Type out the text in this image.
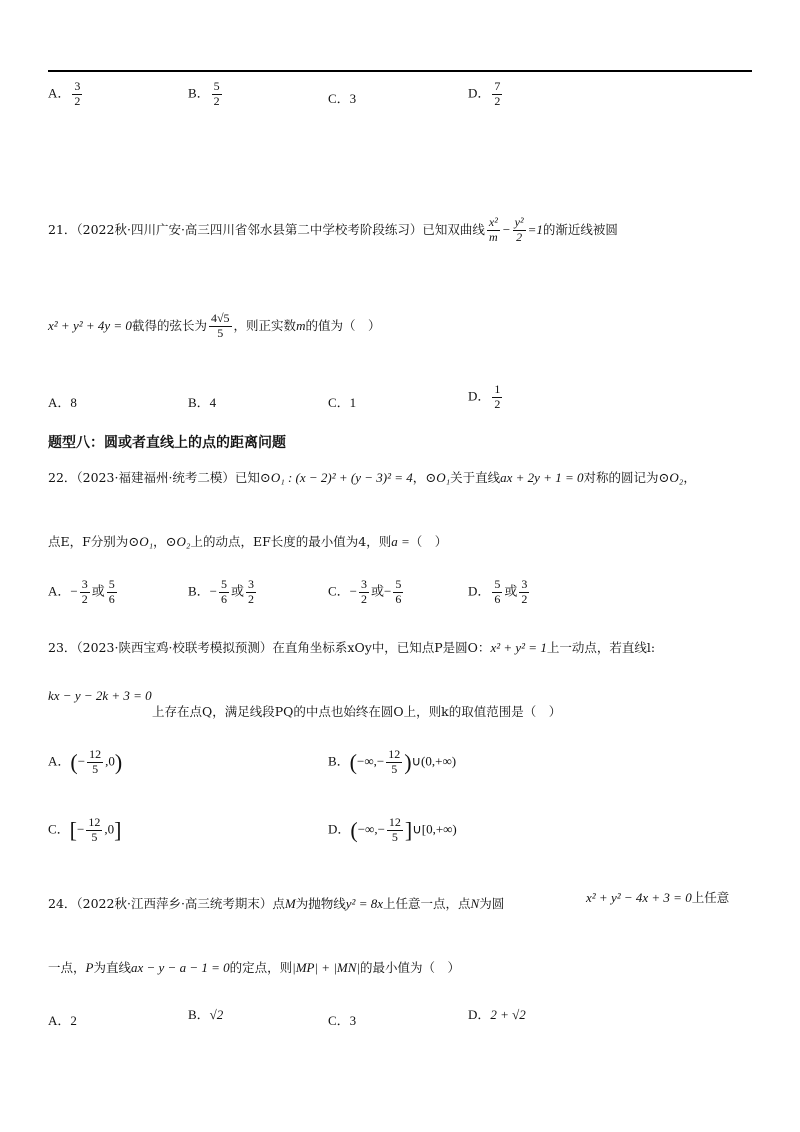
A． $\frac{3}{2}$	B． $\frac{5}{2}$	C．3	D． $\frac{7}{2}$
21．（2022秋·四川广安·高三四川省邻水县第二中学校考阶段练习）已知双曲线 $\frac{\text{x²}}{m} - \frac{\text{y²}}{2} =1$的渐近线被圆
x² + y² + 4y = 0截得的弦长为 $\frac{4√5}{5}$ ，则正实数m的值为（　）
A．8	B．4	C．1	D． $\frac{1}{2}$
题型八：圆或者直线上的点的距离问题
22．（2023·福建福州·统考二模）已知⊙O₁ : (x − 2)² + (y − 3)² = 4，⊙O₁关于直线ax + 2y + 1 = 0对称的圆记为⊙O₂，
点E，F分别为⊙O₁，⊙O₂上的动点，EF长度的最小值为4，则a =（　）
A．− $\frac{3}{2}$ 或 $\frac{5}{6}$	B．− $\frac{5}{6}$ 或 $\frac{3}{2}$	C．− $\frac{3}{2}$ 或− $\frac{5}{6}$	D． $\frac{5}{6}$ 或 $\frac{3}{2}$
23．（2023·陕西宝鸡·校联考模拟预测）在直角坐标系xOy中，已知点P是圆O：x² + y² = 1上一动点，若直线l:
kx − y − 2k + 3 = 0
上存在点Q，满足线段PQ的中点也始终在圆O上，则k的取值范围是（　）
A．(− $\frac{12}{5} ,0$)	B．(−∞,− $\frac{12}{5}$ )∪(0,+∞)
C．[− $\frac{12}{5} ,0$]	D．(−∞,− $\frac{12}{5}$ ]∪[0,+∞)
24．（2022秋·江西萍乡·高三统考期末）点M为抛物线y² = 8x上任意一点，点N为圆	x² + y² − 4x + 3 = 0上任意
一点，P为直线ax − y − a − 1 = 0的定点，则|MP| + |MN|的最小值为（　）
A．2	B．√2	C．3	D．2 + √2
